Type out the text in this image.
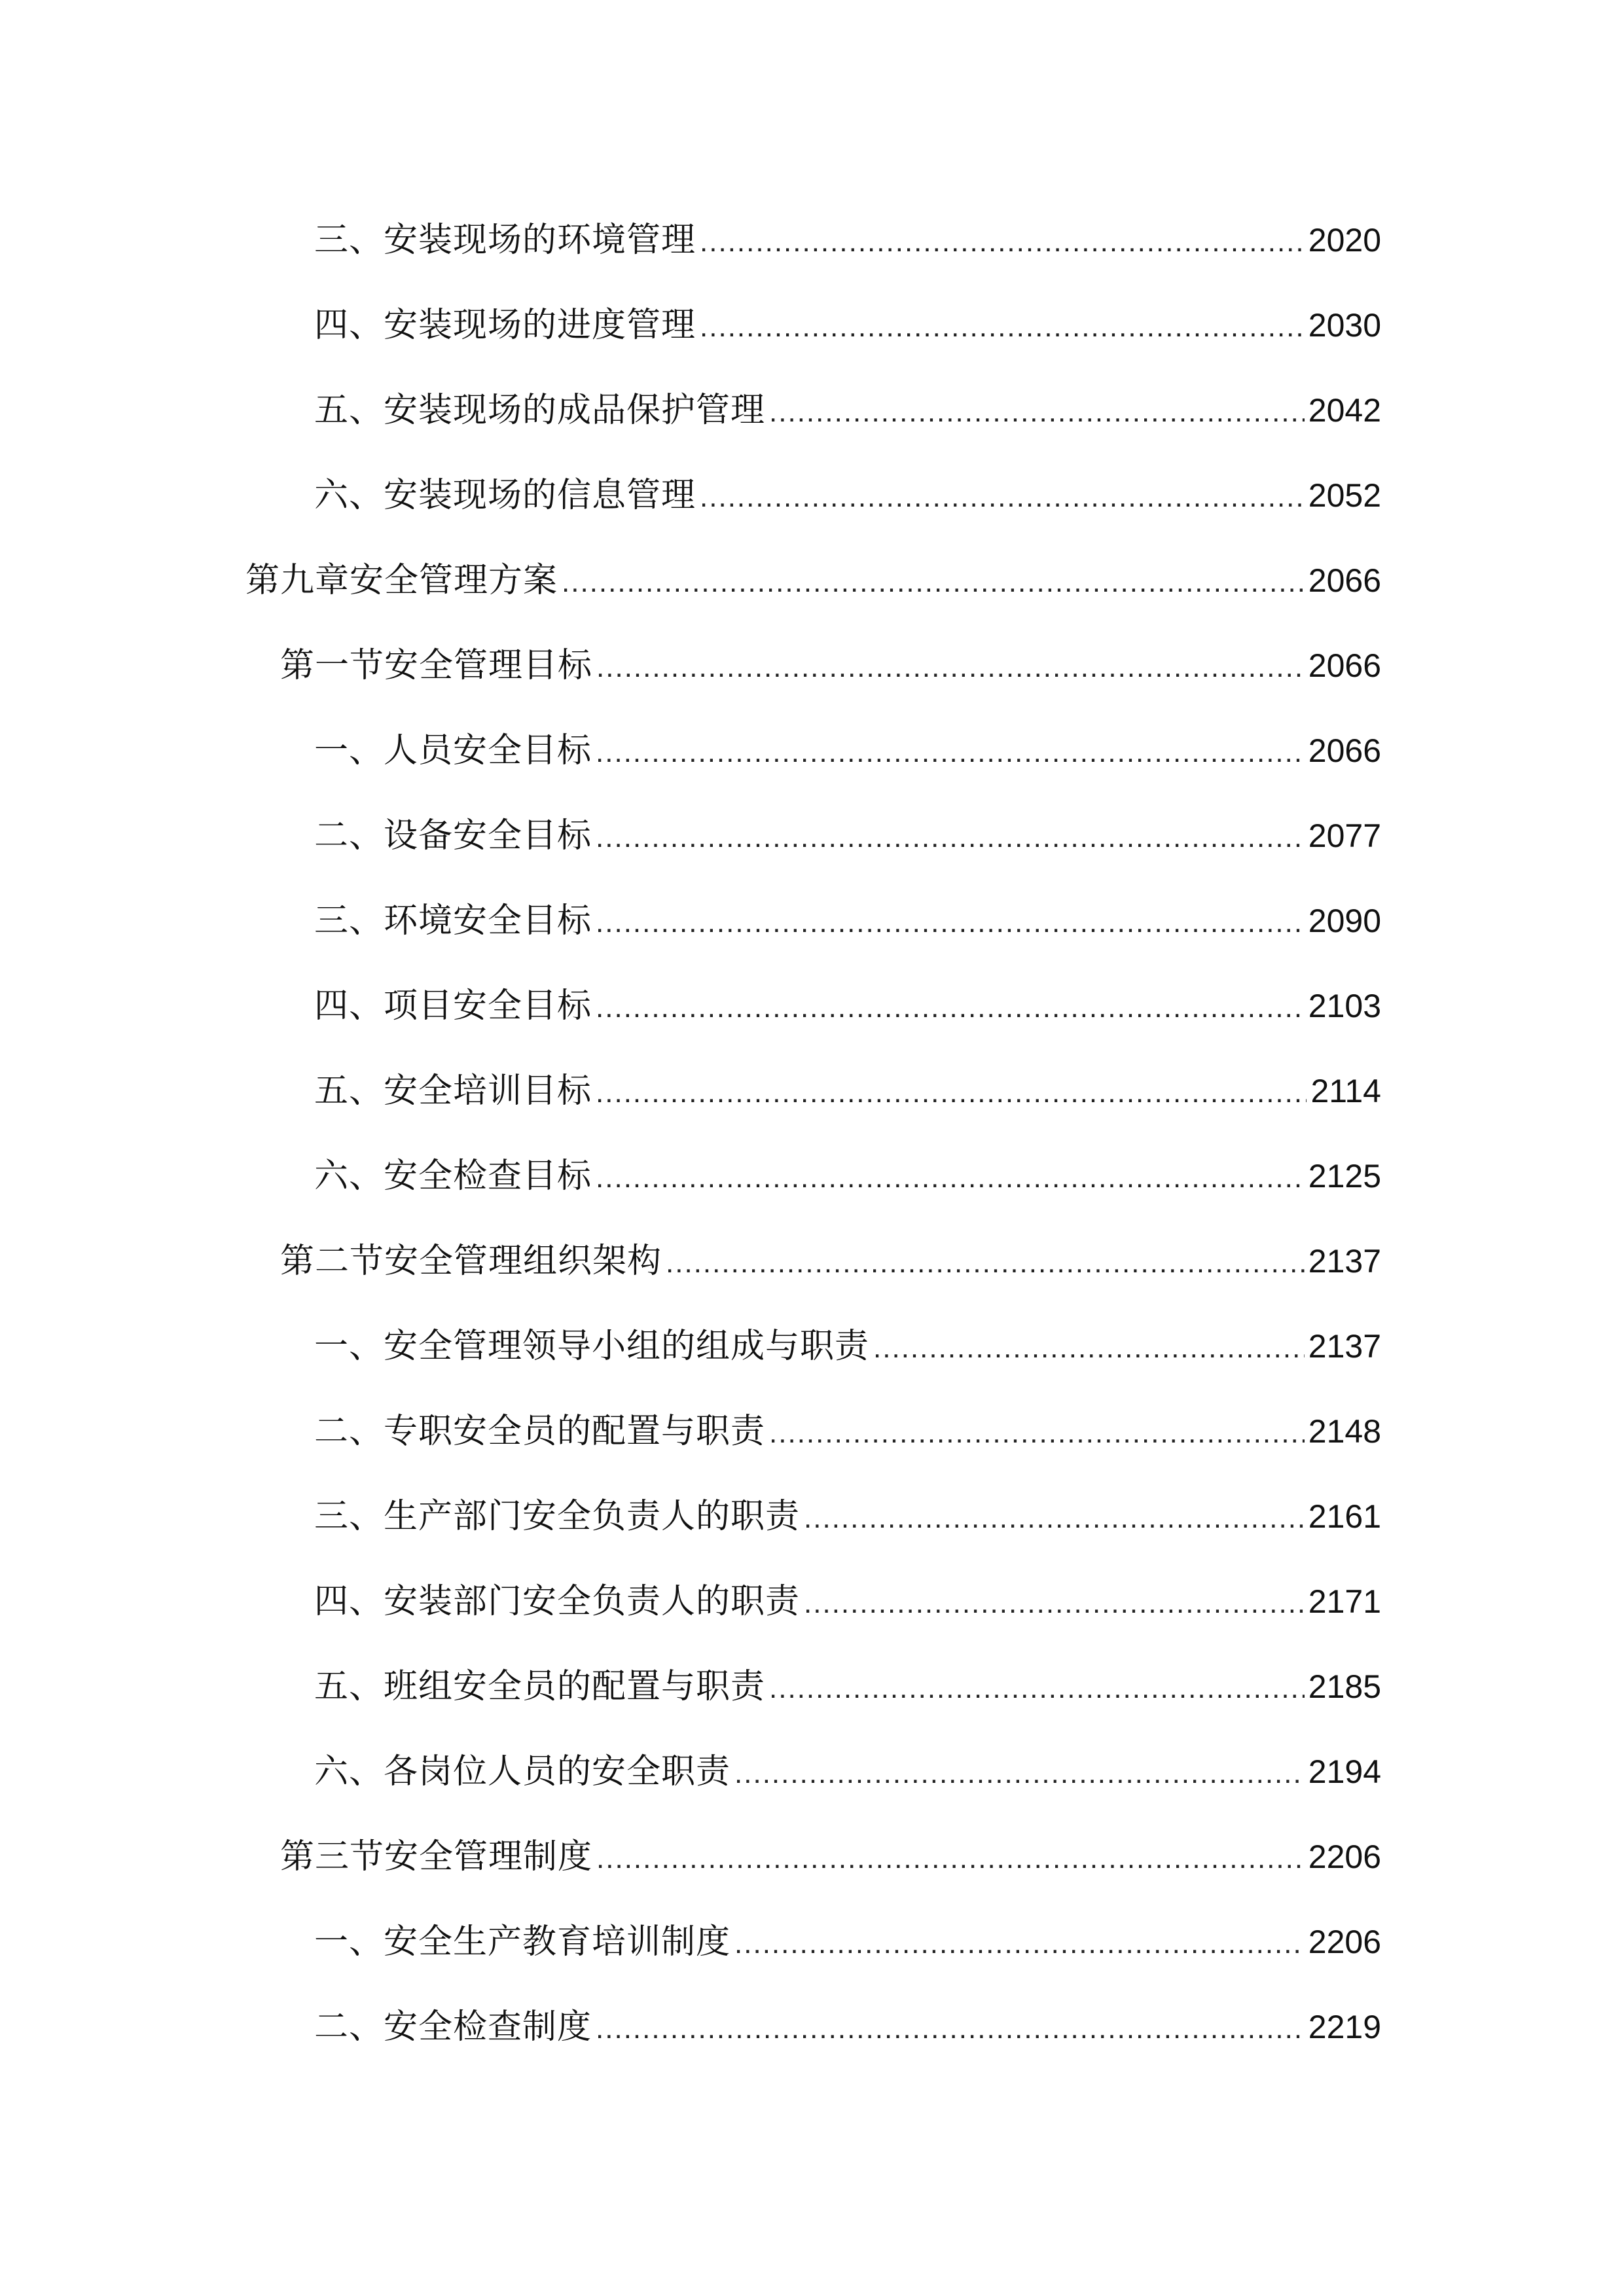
三、安装现场的环境管理 .....	2020
四、安装现场的进度管理 .....	2030
五、安装现场的成品保护管理 .....	2042
六、安装现场的信息管理 .....	2052
第九章安全管理方案 .....	2066
第一节安全管理目标 .....	2066
一、人员安全目标 .....	2066
二、设备安全目标 .....	2077
三、环境安全目标 .....	2090
四、项目安全目标 .....	2103
五、安全培训目标 .....	2114
六、安全检查目标 .....	2125
第二节安全管理组织架构 .....	2137
一、安全管理领导小组的组成与职责 .....	2137
二、专职安全员的配置与职责 .....	2148
三、生产部门安全负责人的职责 .....	2161
四、安装部门安全负责人的职责 .....	2171
五、班组安全员的配置与职责 .....	2185
六、各岗位人员的安全职责 .....	2194
第三节安全管理制度 .....	2206
一、安全生产教育培训制度 .....	2206
二、安全检查制度 .....	2219
